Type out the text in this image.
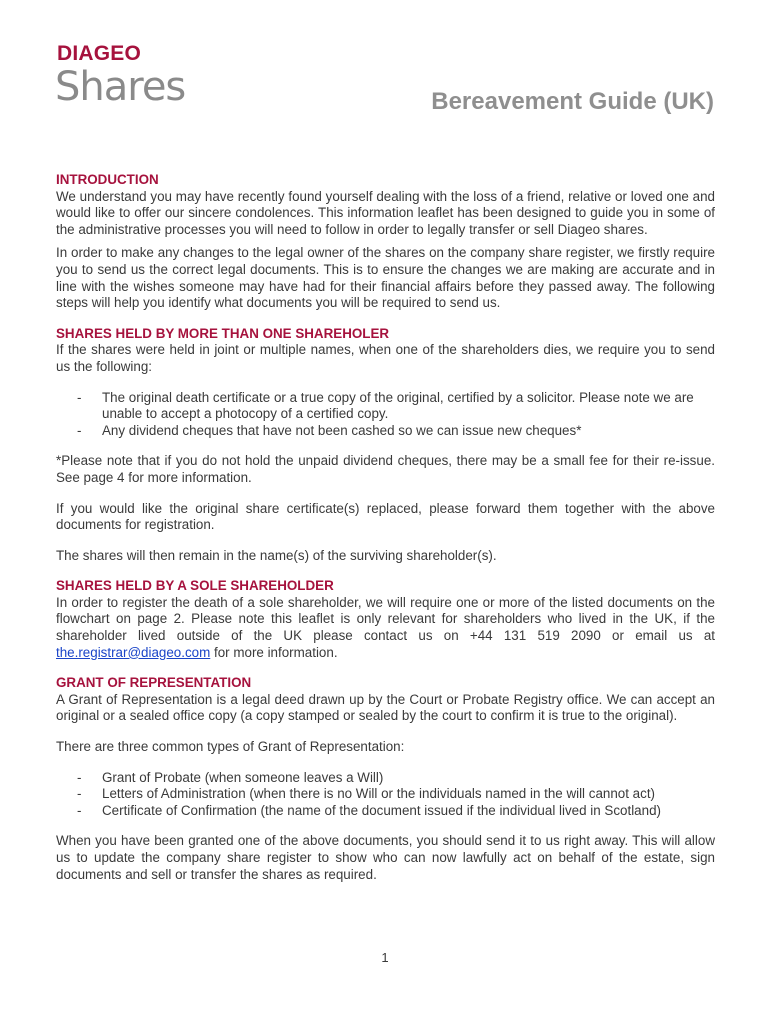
DIAGEO
Shares	Bereavement Guide (UK)

INTRODUCTION

We understand you may have recently found yourself dealing with the loss of a friend, relative or loved one and would like to offer our sincere condolences. This information leaflet has been designed to guide you in some of the administrative processes you will need to follow in order to legally transfer or sell Diageo shares.

In order to make any changes to the legal owner of the shares on the company share register, we firstly require you to send us the correct legal documents. This is to ensure the changes we are making are accurate and in line with the wishes someone may have had for their financial affairs before they passed away. The following steps will help you identify what documents you will be required to send us.

SHARES HELD BY MORE THAN ONE SHAREHOLER

If the shares were held in joint or multiple names, when one of the shareholders dies, we require you to send us the following:

- The original death certificate or a true copy of the original, certified by a solicitor. Please note we are unable to accept a photocopy of a certified copy.
- Any dividend cheques that have not been cashed so we can issue new cheques*

*Please note that if you do not hold the unpaid dividend cheques, there may be a small fee for their re-issue. See page 4 for more information.

If you would like the original share certificate(s) replaced, please forward them together with the above documents for registration.

The shares will then remain in the name(s) of the surviving shareholder(s).

SHARES HELD BY A SOLE SHAREHOLDER

In order to register the death of a sole shareholder, we will require one or more of the listed documents on the flowchart on page 2. Please note this leaflet is only relevant for shareholders who lived in the UK, if the shareholder lived outside of the UK please contact us on +44 131 519 2090 or email us at the.registrar@diageo.com for more information.

GRANT OF REPRESENTATION

A Grant of Representation is a legal deed drawn up by the Court or Probate Registry office. We can accept an original or a sealed office copy (a copy stamped or sealed by the court to confirm it is true to the original).

There are three common types of Grant of Representation:

- Grant of Probate (when someone leaves a Will)
- Letters of Administration (when there is no Will or the individuals named in the will cannot act)
- Certificate of Confirmation (the name of the document issued if the individual lived in Scotland)

When you have been granted one of the above documents, you should send it to us right away. This will allow us to update the company share register to show who can now lawfully act on behalf of the estate, sign documents and sell or transfer the shares as required.

1
